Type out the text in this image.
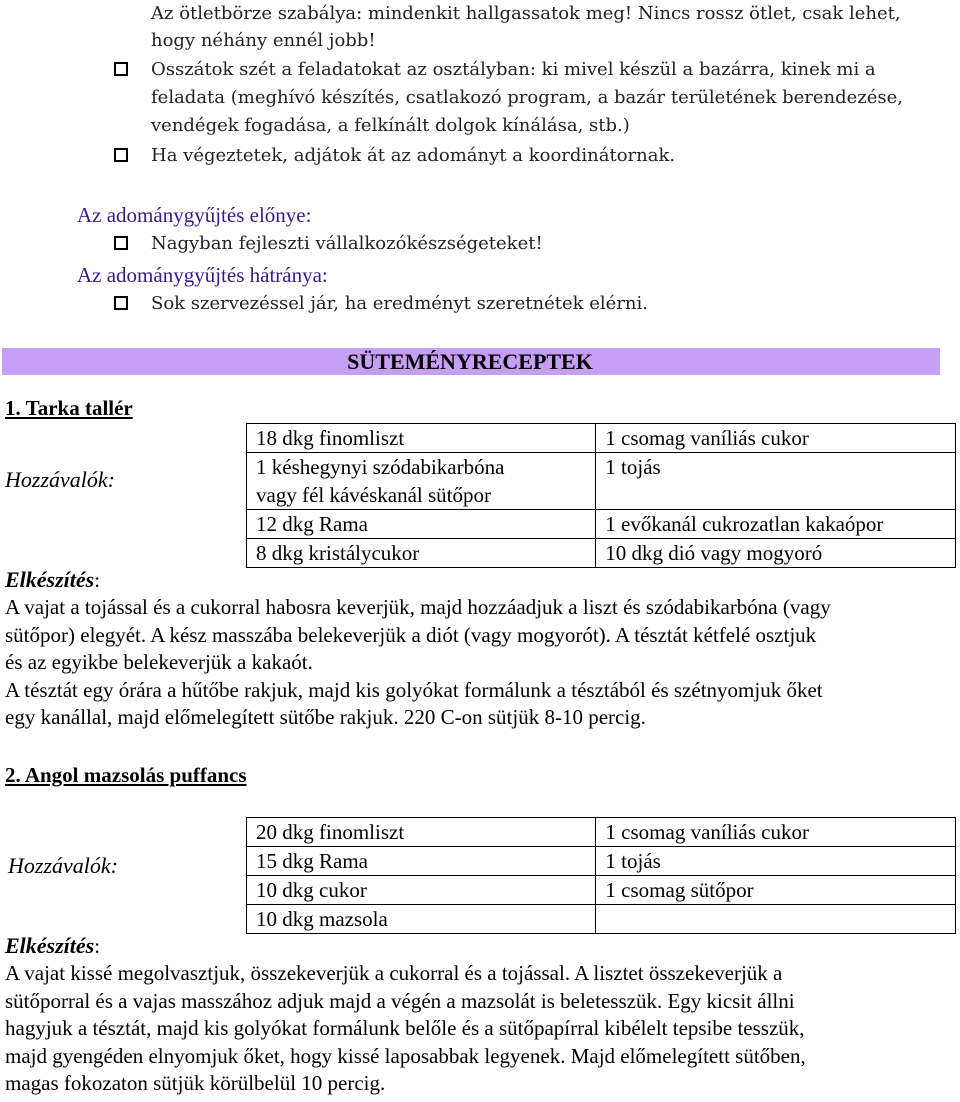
Az ötletbörze szabálya: mindenkit hallgassatok meg! Nincs rossz ötlet, csak lehet,
hogy néhány ennél jobb!
Osszátok szét a feladatokat az osztályban: ki mivel készül a bazárra, kinek mi a
feladata (meghívó készítés, csatlakozó program, a bazár területének berendezése,
vendégek fogadása, a felkínált dolgok kínálása, stb.)
Ha végeztetek, adjátok át az adományt a koordinátornak.
Az adománygyűjtés előnye:
Nagyban fejleszti vállalkozókészségeteket!
Az adománygyűjtés hátránya:
Sok szervezéssel jár, ha eredményt szeretnétek elérni.
SÜTEMÉNYRECEPTEK
1. Tarka tallér
Hozzávalók:
18 dkg finomliszt	1 csomag vaníliás cukor
1 késhegynyi szódabikarbóna
vagy fél kávéskanál sütőpor	1 tojás
12 dkg Rama	1 evőkanál cukrozatlan kakaópor
8 dkg kristálycukor	10 dkg dió vagy mogyoró
Elkészítés:
A vajat a tojással és a cukorral habosra keverjük, majd hozzáadjuk a liszt és szódabikarbóna (vagy
sütőpor) elegyét. A kész masszába belekeverjük a diót (vagy mogyorót). A tésztát kétfelé osztjuk
és az egyikbe belekeverjük a kakaót.
A tésztát egy órára a hűtőbe rakjuk, majd kis golyókat formálunk a tésztából és szétnyomjuk őket
egy kanállal, majd előmelegített sütőbe rakjuk. 220 C-on sütjük 8-10 percig.
2. Angol mazsolás puffancs
Hozzávalók:
20 dkg finomliszt	1 csomag vaníliás cukor
15 dkg Rama	1 tojás
10 dkg cukor	1 csomag sütőpor
10 dkg mazsola	
Elkészítés:
A vajat kissé megolvasztjuk, összekeverjük a cukorral és a tojással. A lisztet összekeverjük a
sütőporral és a vajas masszához adjuk majd a végén a mazsolát is beletesszük. Egy kicsit állni
hagyjuk a tésztát, majd kis golyókat formálunk belőle és a sütőpapírral kibélelt tepsibe tesszük,
majd gyengéden elnyomjuk őket, hogy kissé laposabbak legyenek. Majd előmelegített sütőben,
magas fokozaton sütjük körülbelül 10 percig.
